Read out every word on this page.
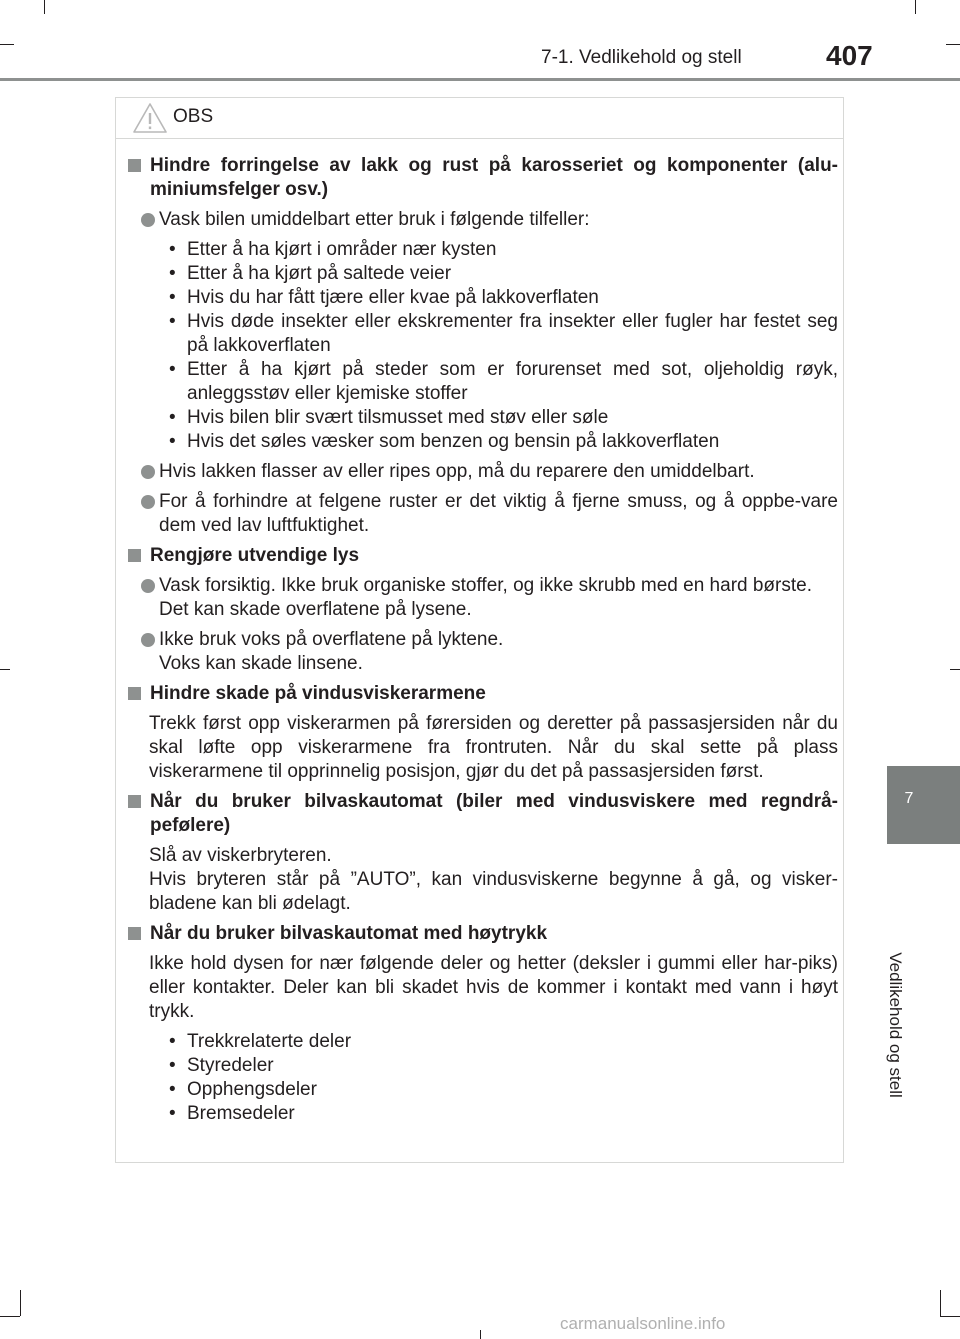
7-1. Vedlikehold og stell	407
7
Vedlikehold og stell
OBS
Hindre forringelse av lakk og rust på karosseriet og komponenter (alu-miniumsfelger osv.)
Vask bilen umiddelbart etter bruk i følgende tilfeller:
• Etter å ha kjørt i områder nær kysten
• Etter å ha kjørt på saltede veier
• Hvis du har fått tjære eller kvae på lakkoverflaten
• Hvis døde insekter eller ekskrementer fra insekter eller fugler har festet seg på lakkoverflaten
• Etter å ha kjørt på steder som er forurenset med sot, oljeholdig røyk, anleggsstøv eller kjemiske stoffer
• Hvis bilen blir svært tilsmusset med støv eller søle
• Hvis det søles væsker som benzen og bensin på lakkoverflaten
Hvis lakken flasser av eller ripes opp, må du reparere den umiddelbart.
For å forhindre at felgene ruster er det viktig å fjerne smuss, og å oppbe-vare dem ved lav luftfuktighet.
Rengjøre utvendige lys
Vask forsiktig. Ikke bruk organiske stoffer, og ikke skrubb med en hard børste.
Det kan skade overflatene på lysene.
Ikke bruk voks på overflatene på lyktene.
Voks kan skade linsene.
Hindre skade på vindusviskerarmene
Trekk først opp viskerarmen på førersiden og deretter på passasjersiden når du skal løfte opp viskerarmene fra frontruten. Når du skal sette på plass viskerarmene til opprinnelig posisjon, gjør du det på passasjersiden først.
Når du bruker bilvaskautomat (biler med vindusviskere med regndrå-pefølere)
Slå av viskerbryteren.
Hvis bryteren står på ”AUTO”, kan vindusviskerne begynne å gå, og visker-bladene kan bli ødelagt.
Når du bruker bilvaskautomat med høytrykk
Ikke hold dysen for nær følgende deler og hetter (deksler i gummi eller har-piks) eller kontakter. Deler kan bli skadet hvis de kommer i kontakt med vann i høyt trykk.
• Trekkrelaterte deler
• Styredeler
• Opphengsdeler
• Bremsedeler
carmanualsonline.info
